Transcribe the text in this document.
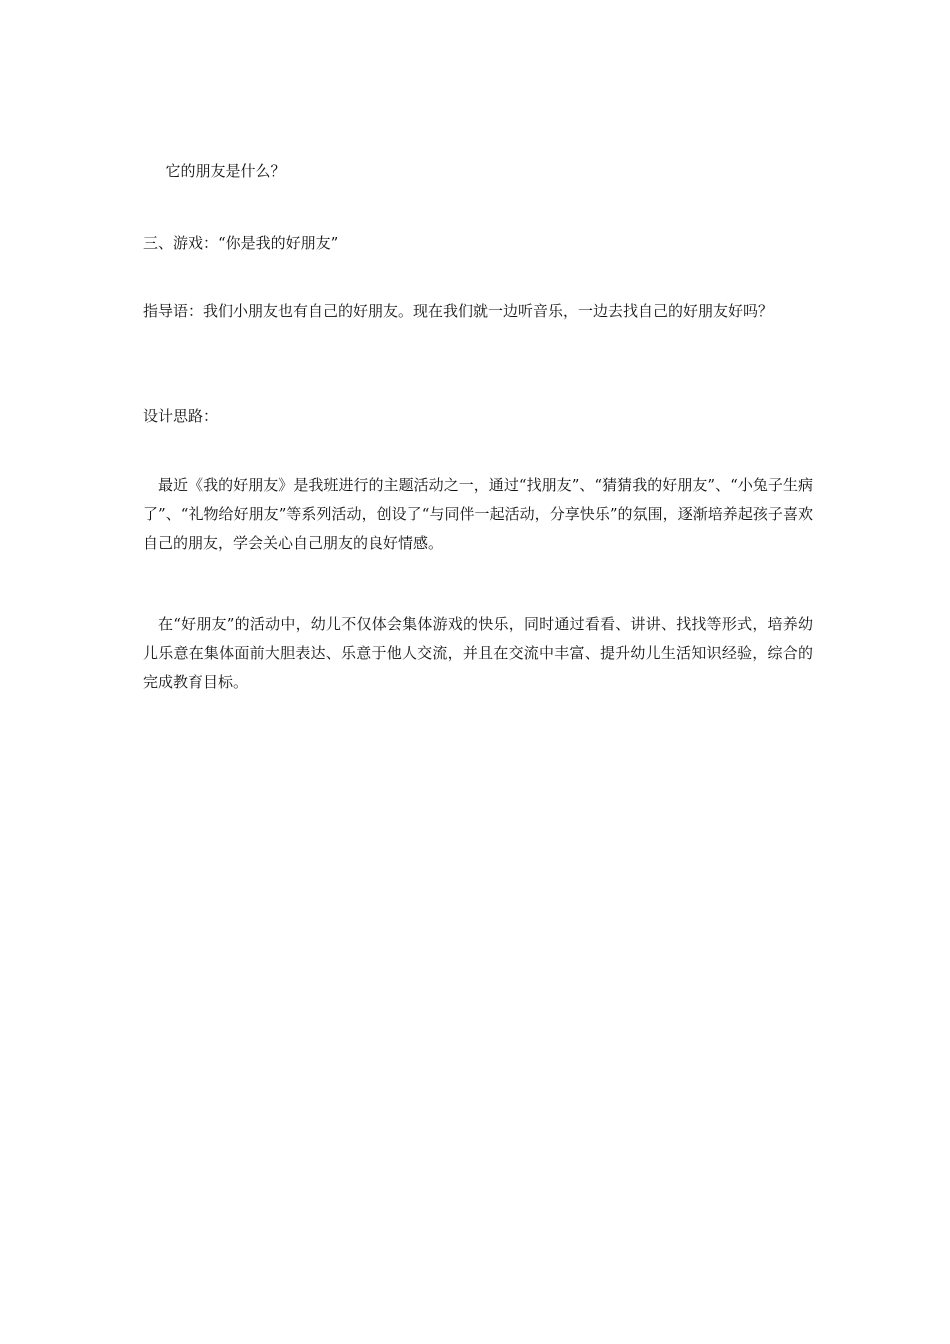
它的朋友是什么？

三、游戏：“你是我的好朋友”

指导语：我们小朋友也有自己的好朋友。现在我们就一边听音乐，一边去找自己的好朋友好吗？

设计思路：

最近《我的好朋友》是我班进行的主题活动之一，通过“找朋友”、“猜猜我的好朋友”、“小兔子生病了”、“礼物给好朋友”等系列活动，创设了“与同伴一起活动，分享快乐”的氛围，逐渐培养起孩子喜欢自己的朋友，学会关心自己朋友的良好情感。

在“好朋友”的活动中，幼儿不仅体会集体游戏的快乐，同时通过看看、讲讲、找找等形式，培养幼儿乐意在集体面前大胆表达、乐意于他人交流，并且在交流中丰富、提升幼儿生活知识经验，综合的完成教育目标。
